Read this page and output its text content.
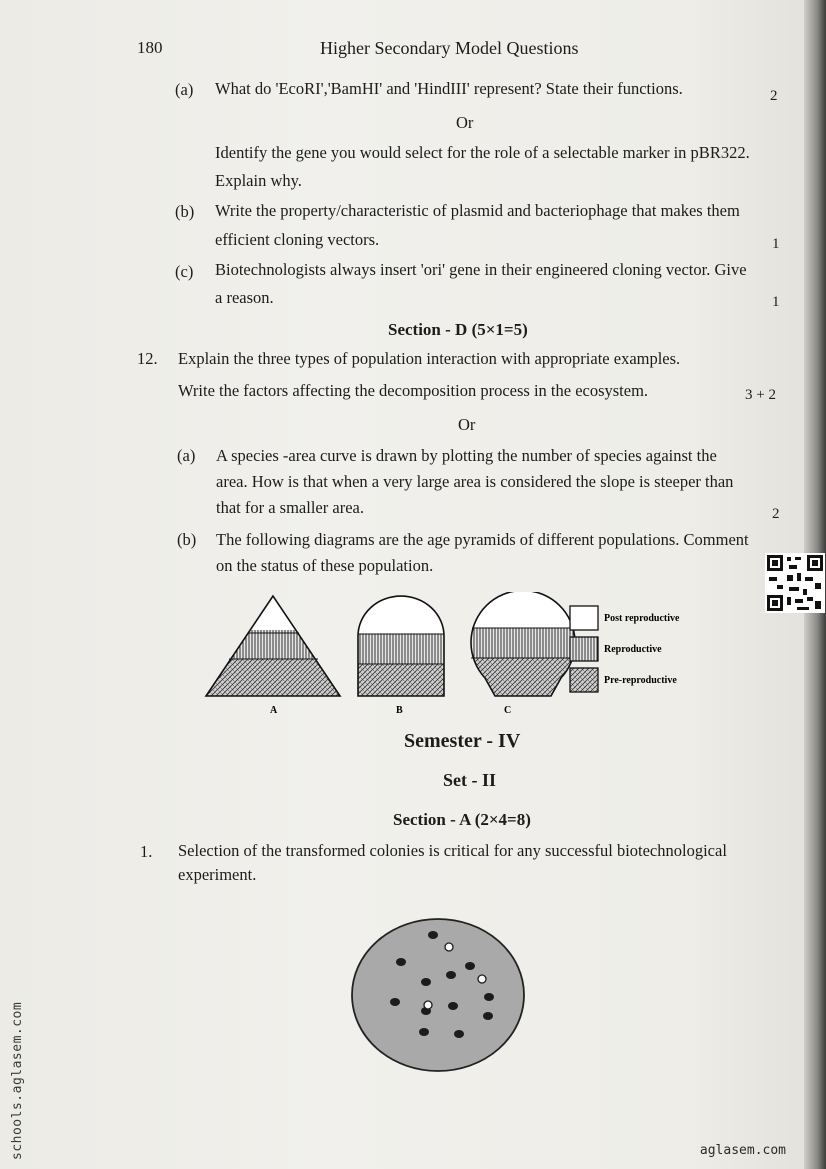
180	Higher Secondary Model Questions
(a) What do 'EcoRI','BamHI' and 'HindIII' represent? State their functions.	2
Or
Identify the gene you would select for the role of a selectable marker in pBR322.
Explain why.
(b) Write the property/characteristic of plasmid and bacteriophage that makes them
efficient cloning vectors.	1
(c) Biotechnologists always insert 'ori' gene in their engineered cloning vector. Give
a reason.	1
Section - D (5×1=5)
12. Explain the three types of population interaction with appropriate examples.
Write the factors affecting the decomposition process in the ecosystem.	3 + 2
Or
(a) A species -area curve is drawn by plotting the number of species against the
area. How is that when a very large area is considered the slope is steeper than
that for a smaller area.	2
(b) The following diagrams are the age pyramids of different populations. Comment
on the status of these population.
Post reproductive
Reproductive
Pre-reproductive
A	B	C
Semester - IV
Set - II
Section - A (2×4=8)
1. Selection of the transformed colonies is critical for any successful biotechnological
experiment.
schools.aglasem.com	aglasem.com
